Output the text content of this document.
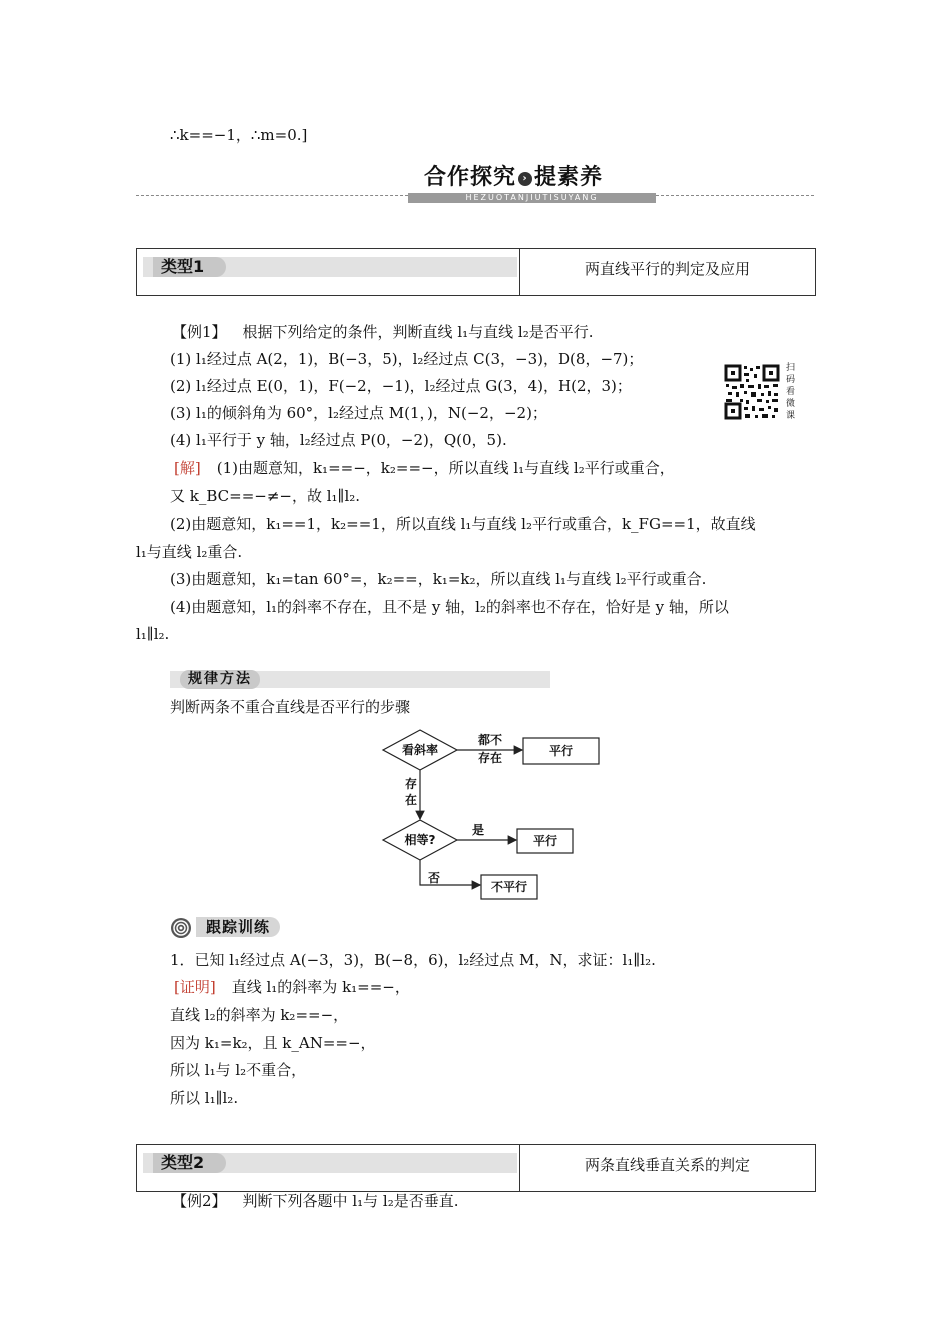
∴k==−1，∴m=0.]
合作探究 › 提素养
HEZUOTANJIUTISUYANG
类型1	两直线平行的判定及应用
【例1】 根据下列给定的条件，判断直线 l₁与直线 l₂是否平行.
(1) l₁经过点 A(2，1)，B(−3，5)，l₂经过点 C(3，−3)，D(8，−7)；
(2) l₁经过点 E(0，1)，F(−2，−1)，l₂经过点 G(3，4)，H(2，3)；
(3) l₁的倾斜角为 60°，l₂经过点 M(1，)，N(−2，−2)；
(4) l₁平行于 y 轴，l₂经过点 P(0，−2)，Q(0，5).
扫
码
看
微
课
[解] (1)由题意知，k₁==−，k₂==−，所以直线 l₁与直线 l₂平行或重合，
又 k_BC==−≠−，故 l₁∥l₂.
(2)由题意知，k₁==1，k₂==1，所以直线 l₁与直线 l₂平行或重合，k_FG==1，故直线
l₁与直线 l₂重合.
(3)由题意知，k₁=tan 60°=，k₂==，k₁=k₂，所以直线 l₁与直线 l₂平行或重合.
(4)由题意知，l₁的斜率不存在，且不是 y 轴，l₂的斜率也不存在，恰好是 y 轴，所以
l₁∥l₂.
规律方法
判断两条不重合直线是否平行的步骤
看斜率
都不
存在	平行
存
在
相等?
是
平行
否
不平行
跟踪训练
1．已知 l₁经过点 A(−3，3)，B(−8，6)，l₂经过点 M，N，求证：l₁∥l₂.
[证明] 直线 l₁的斜率为 k₁==−，
直线 l₂的斜率为 k₂==−，
因为 k₁=k₂，且 k_AN==−，
所以 l₁与 l₂不重合，
所以 l₁∥l₂.
类型2	两条直线垂直关系的判定
【例2】 判断下列各题中 l₁与 l₂是否垂直.
